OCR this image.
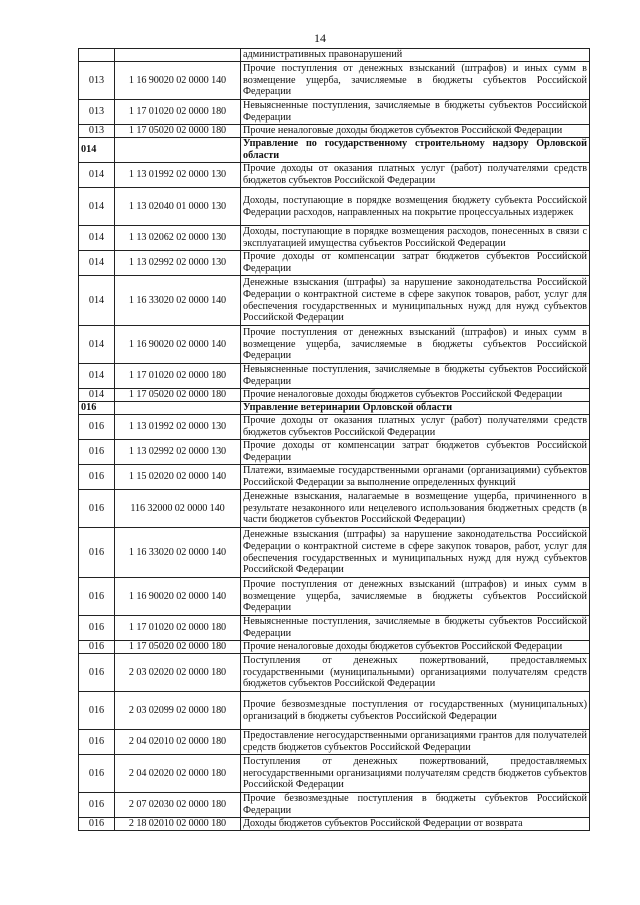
14
		административных правонарушений
013	1 16 90020 02 0000 140	Прочие поступления от денежных взысканий (штрафов) и иных сумм в возмещение ущерба, зачисляемые в бюджеты субъектов Российской Федерации
013	1 17 01020 02 0000 180	Невыясненные поступления, зачисляемые в бюджеты субъектов Российской Федерации
013	1 17 05020 02 0000 180	Прочие неналоговые доходы бюджетов субъектов Российской Федерации
014		Управление по государственному строительному надзору Орловской области
014	1 13 01992 02 0000 130	Прочие доходы от оказания платных услуг (работ) получателями средств бюджетов субъектов Российской Федерации
014	1 13 02040 01 0000 130	Доходы, поступающие в порядке возмещения бюджету субъекта Российской Федерации расходов, направленных на покрытие процессуальных издержек
014	1 13 02062 02 0000 130	Доходы, поступающие в порядке возмещения расходов, понесенных в связи с эксплуатацией имущества субъектов Российской Федерации
014	1 13 02992 02 0000 130	Прочие доходы от компенсации затрат бюджетов субъектов Российской Федерации
014	1 16 33020 02 0000 140	Денежные взыскания (штрафы) за нарушение законодательства Российской Федерации о контрактной системе в сфере закупок товаров, работ, услуг для обеспечения государственных и муниципальных нужд для нужд субъектов Российской Федерации
014	1 16 90020 02 0000 140	Прочие поступления от денежных взысканий (штрафов) и иных сумм в возмещение ущерба, зачисляемые в бюджеты субъектов Российской Федерации
014	1 17 01020 02 0000 180	Невыясненные поступления, зачисляемые в бюджеты субъектов Российской Федерации
014	1 17 05020 02 0000 180	Прочие неналоговые доходы бюджетов субъектов Российской Федерации
016		Управление ветеринарии Орловской области
016	1 13 01992 02 0000 130	Прочие доходы от оказания платных услуг (работ) получателями средств бюджетов субъектов Российской Федерации
016	1 13 02992 02 0000 130	Прочие доходы от компенсации затрат бюджетов субъектов Российской Федерации
016	1 15 02020 02 0000 140	Платежи, взимаемые государственными органами (организациями) субъектов Российской Федерации за выполнение определенных функций
016	116 32000 02 0000 140	Денежные взыскания, налагаемые в возмещение ущерба, причиненного в результате незаконного или нецелевого использования бюджетных средств (в части бюджетов субъектов Российской Федерации)
016	1 16 33020 02 0000 140	Денежные взыскания (штрафы) за нарушение законодательства Российской Федерации о контрактной системе в сфере закупок товаров, работ, услуг для обеспечения государственных и муниципальных нужд для нужд субъектов Российской Федерации
016	1 16 90020 02 0000 140	Прочие поступления от денежных взысканий (штрафов) и иных сумм в возмещение ущерба, зачисляемые в бюджеты субъектов Российской Федерации
016	1 17 01020 02 0000 180	Невыясненные поступления, зачисляемые в бюджеты субъектов Российской Федерации
016	1 17 05020 02 0000 180	Прочие неналоговые доходы бюджетов субъектов Российской Федерации
016	2 03 02020 02 0000 180	Поступления от денежных пожертвований, предоставляемых государственными (муниципальными) организациями получателям средств бюджетов субъектов Российской Федерации
016	2 03 02099 02 0000 180	Прочие безвозмездные поступления от государственных (муниципальных) организаций в бюджеты субъектов Российской Федерации
016	2 04 02010 02 0000 180	Предоставление негосударственными организациями грантов для получателей средств бюджетов субъектов Российской Федерации
016	2 04 02020 02 0000 180	Поступления от денежных пожертвований, предоставляемых негосударственными организациями получателям средств бюджетов субъектов Российской Федерации
016	2 07 02030 02 0000 180	Прочие безвозмездные поступления в бюджеты субъектов Российской Федерации
016	2 18 02010 02 0000 180	Доходы бюджетов субъектов Российской Федерации от возврата
